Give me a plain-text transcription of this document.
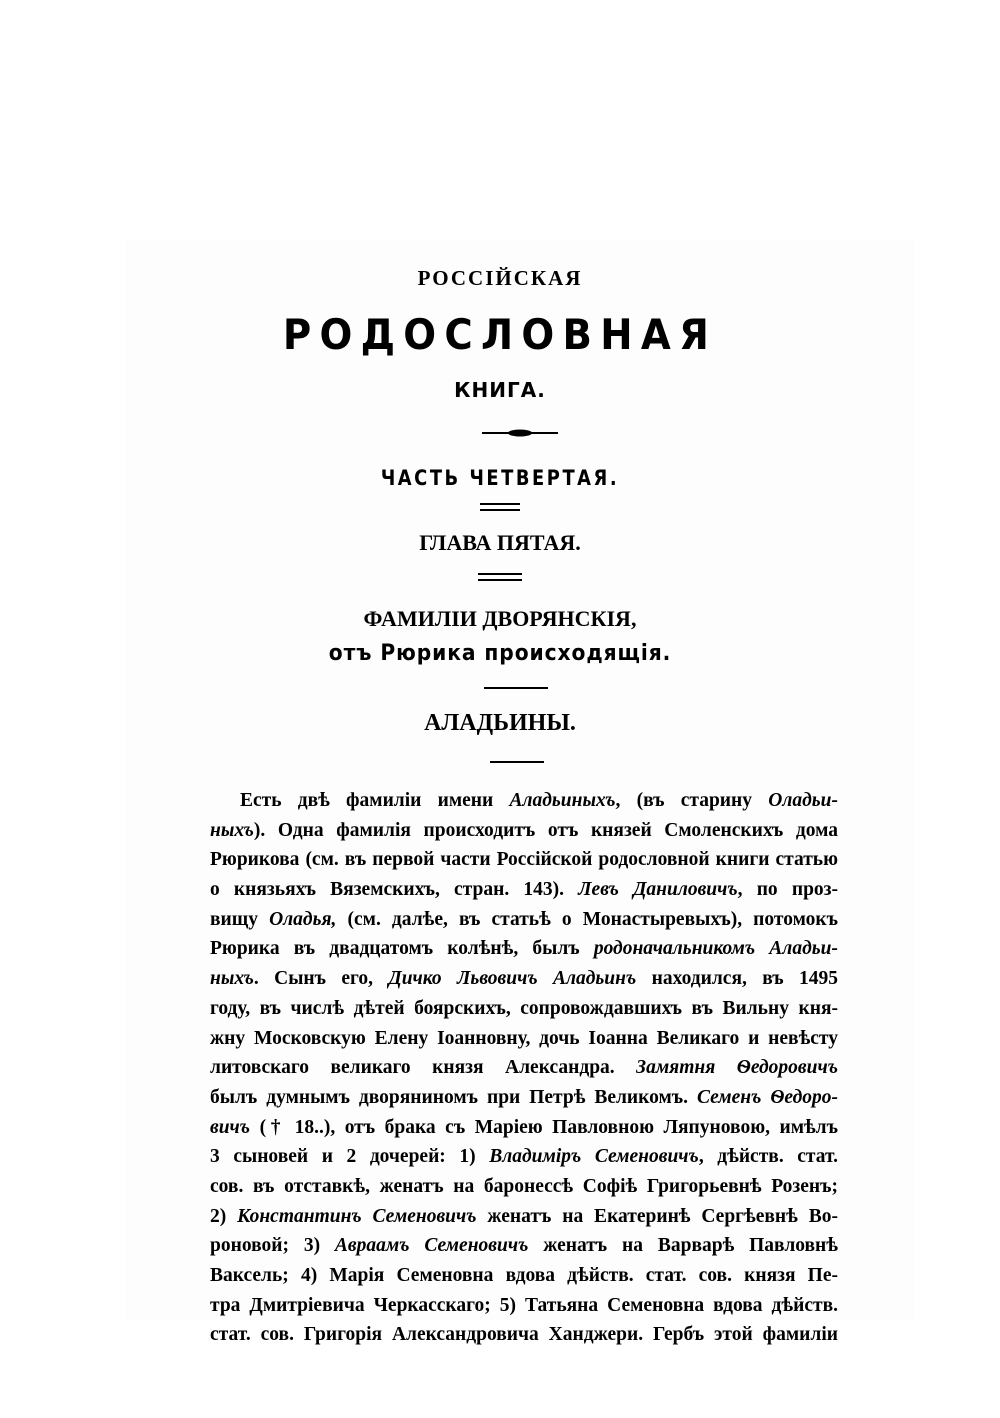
РОССІЙСКАЯ
РОДОСЛОВНАЯ
КНИГА.
ЧАСТЬ ЧЕТВЕРТАЯ.
ГЛАВА ПЯТАЯ.
ФАМИЛІИ ДВОРЯНСКІЯ,
отъ Рюрика происходящія.
АЛАДЬИНЫ.
Есть двѣ фамиліи имени Аладьиныхъ, (въ старину Оладьи-
ныхъ). Одна фамилія происходитъ отъ князей Смоленскихъ дома
Рюрикова (см. въ первой части Россійской родословной книги статью
о князьяхъ Вяземскихъ, стран. 143). Левъ Даниловичъ, по проз-
вищу Оладья, (см. далѣе, въ статьѣ о Монастыревыхъ), потомокъ
Рюрика въ двадцатомъ колѣнѣ, былъ родоначальникомъ Аладьи-
ныхъ. Сынъ его, Дичко Львовичъ Аладьинъ находился, въ 1495
году, въ числѣ дѣтей боярскихъ, сопровождавшихъ въ Вильну кня-
жну Московскую Елену Іоанновну, дочь Іоанна Великаго и невѣсту
литовскаго великаго князя Александра. Замятня Ѳедоровичъ
былъ думнымъ дворяниномъ при Петрѣ Великомъ. Семенъ Ѳедоро-
вичъ († 18..), отъ брака съ Маріею Павловною Ляпуновою, имѣлъ
3 сыновей и 2 дочерей: 1) Владиміръ Семеновичъ, дѣйств. стат.
сов. въ отставкѣ, женатъ на баронессѣ Софіѣ Григорьевнѣ Розенъ;
2) Константинъ Семеновичъ женатъ на Екатеринѣ Сергѣевнѣ Во-
роновой; 3) Авраамъ Семеновичъ женатъ на Варварѣ Павловнѣ
Ваксель; 4) Марія Семеновна вдова дѣйств. стат. сов. князя Пе-
тра Дмитріевича Черкасскаго; 5) Татьяна Семеновна вдова дѣйств.
стат. сов. Григорія Александровича Ханджери. Гербъ этой фамиліи
